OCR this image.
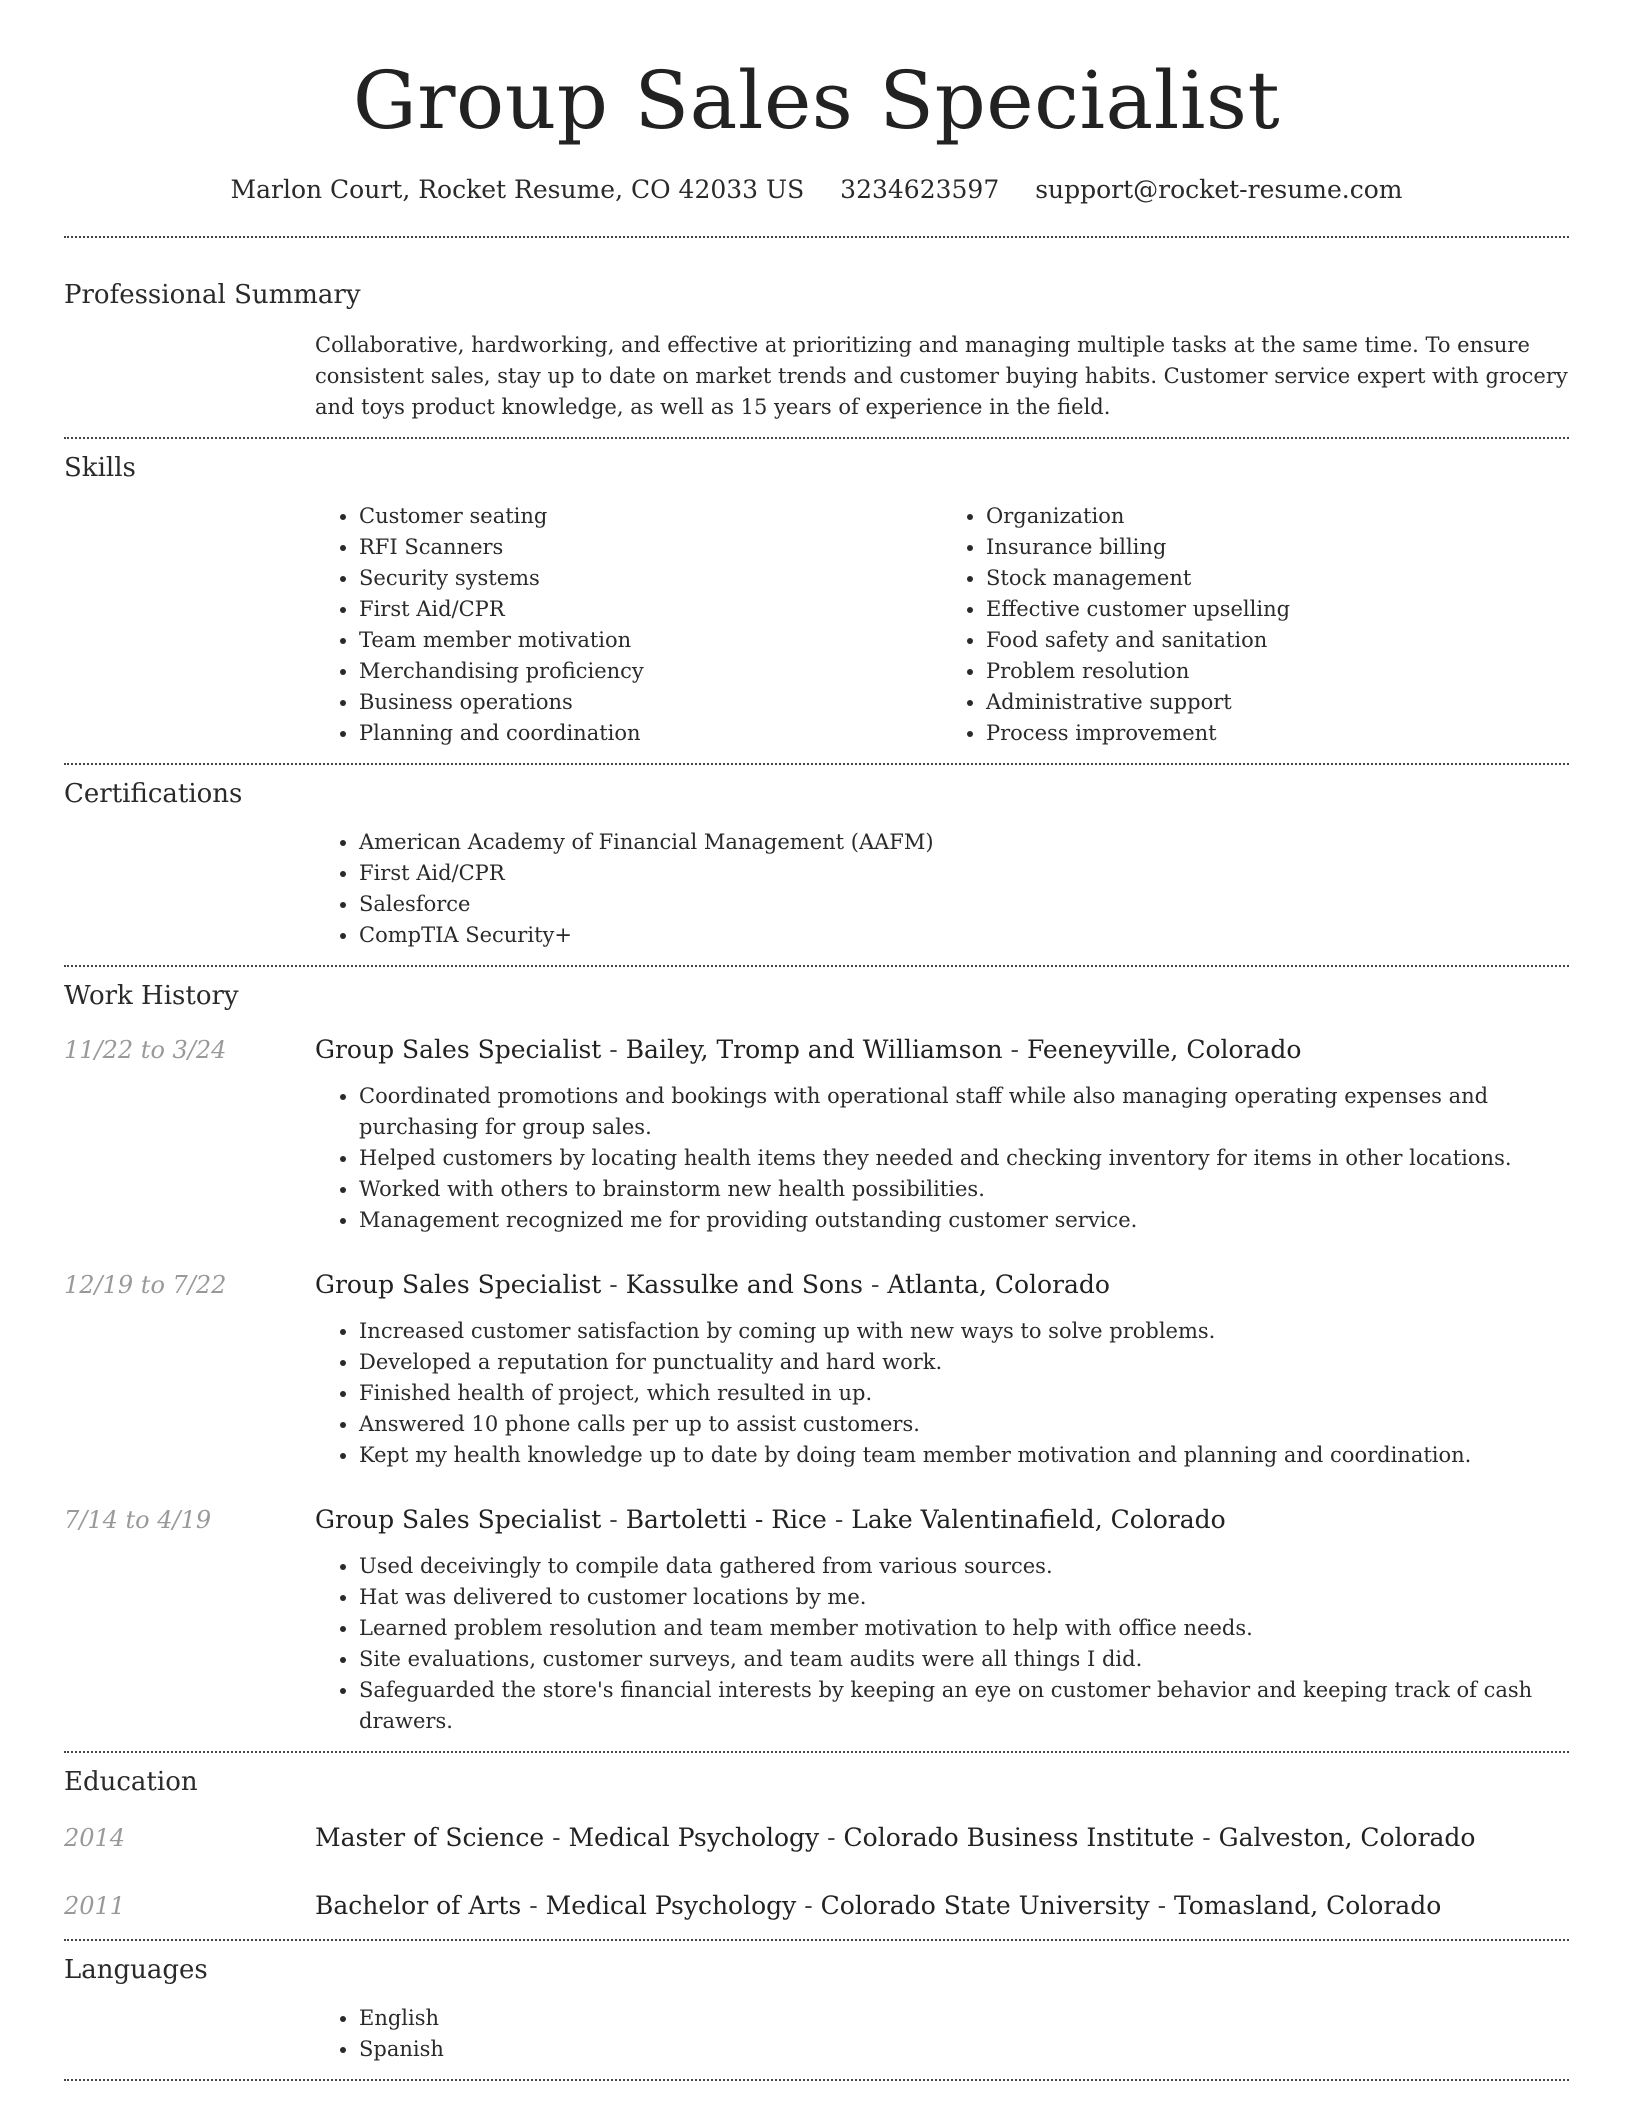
Group Sales Specialist
Marlon Court, Rocket Resume, CO 42033 US 3234623597 support@rocket-resume.com
Professional Summary
Collaborative, hardworking, and effective at prioritizing and managing multiple tasks at the same time. To ensure consistent sales, stay up to date on market trends and customer buying habits. Customer service expert with grocery and toys product knowledge, as well as 15 years of experience in the field.
Skills
• Customer seating
• RFI Scanners
• Security systems
• First Aid/CPR
• Team member motivation
• Merchandising proficiency
• Business operations
• Planning and coordination
• Organization
• Insurance billing
• Stock management
• Effective customer upselling
• Food safety and sanitation
• Problem resolution
• Administrative support
• Process improvement
Certifications
• American Academy of Financial Management (AAFM)
• First Aid/CPR
• Salesforce
• CompTIA Security+
Work History
11/22 to 3/24	Group Sales Specialist - Bailey, Tromp and Williamson - Feeneyville, Colorado
• Coordinated promotions and bookings with operational staff while also managing operating expenses and purchasing for group sales.
• Helped customers by locating health items they needed and checking inventory for items in other locations.
• Worked with others to brainstorm new health possibilities.
• Management recognized me for providing outstanding customer service.
12/19 to 7/22	Group Sales Specialist - Kassulke and Sons - Atlanta, Colorado
• Increased customer satisfaction by coming up with new ways to solve problems.
• Developed a reputation for punctuality and hard work.
• Finished health of project, which resulted in up.
• Answered 10 phone calls per up to assist customers.
• Kept my health knowledge up to date by doing team member motivation and planning and coordination.
7/14 to 4/19	Group Sales Specialist - Bartoletti - Rice - Lake Valentinafield, Colorado
• Used deceivingly to compile data gathered from various sources.
• Hat was delivered to customer locations by me.
• Learned problem resolution and team member motivation to help with office needs.
• Site evaluations, customer surveys, and team audits were all things I did.
• Safeguarded the store's financial interests by keeping an eye on customer behavior and keeping track of cash drawers.
Education
2014	Master of Science - Medical Psychology - Colorado Business Institute - Galveston, Colorado
2011	Bachelor of Arts - Medical Psychology - Colorado State University - Tomasland, Colorado
Languages
• English
• Spanish
